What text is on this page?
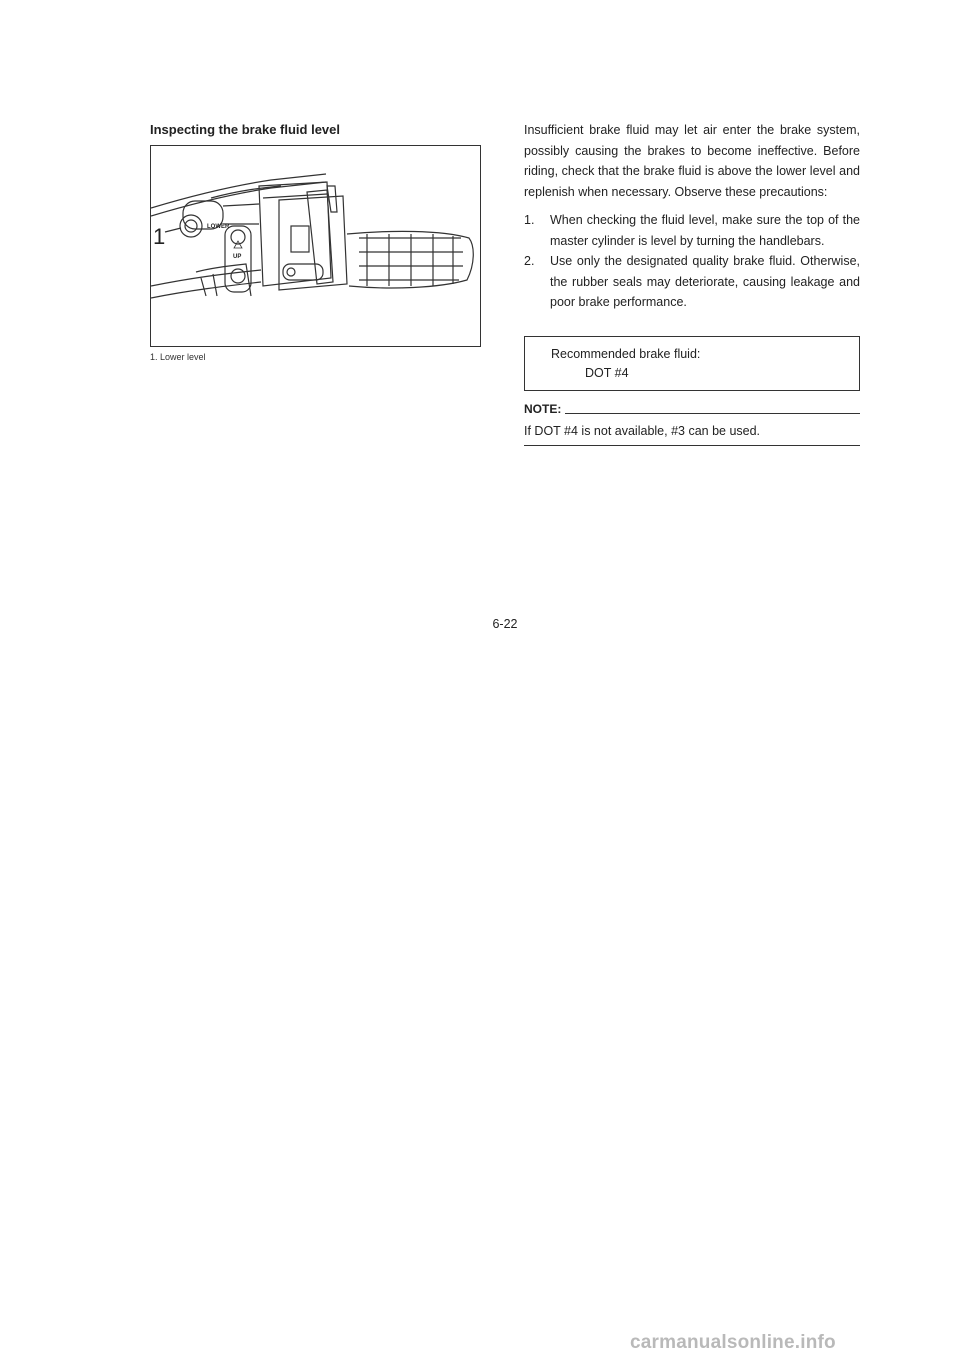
Inspecting the brake fluid level
1	LOWER
UP

1. Lower level

Insufficient brake fluid may let air enter the brake system, possibly causing the brakes to become ineffective. Before riding, check that the brake fluid is above the lower level and replenish when necessary. Observe these precautions:

1. When checking the fluid level, make sure the top of the master cylinder is level by turning the handlebars.
2. Use only the designated quality brake fluid. Otherwise, the rubber seals may deteriorate, causing leakage and poor brake performance.
Recommended brake fluid:
DOT #4
NOTE:

If DOT #4 is not available, #3 can be used.

6-22
carmanualsonline.info
